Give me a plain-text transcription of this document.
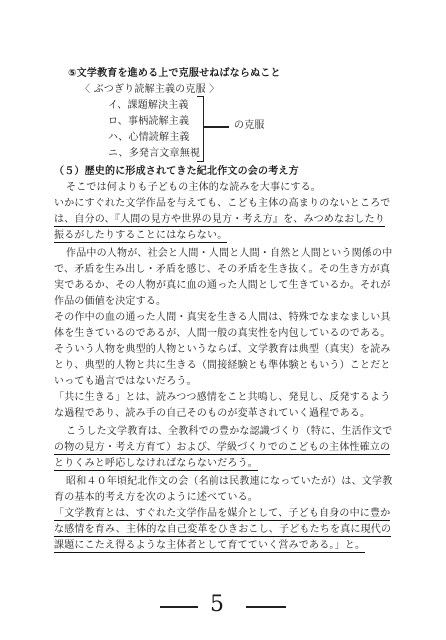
⑤文学教育を進める上で克服せねばならぬこと
〈 ぶつぎり読解主義の克服 〉
イ、課題解決主義
ロ、事柄読解主義
ハ、心情読解主義
ニ、多発言文章無視
の克服
（５）歴史的に形成されてきた紀北作文の会の考え方
そこでは何よりも子どもの主体的な読みを大事にする。
いかにすぐれた文学作品を与えても、こども主体の高まりのないところで
は、自分の、『人間の見方や世界の見方・考え方』を、みつめなおしたり
振るがしたりすることにはならない。
作品中の人物が、社会と人間・人間と人間・自然と人間という関係の中
で、矛盾を生み出し・矛盾を感じ、その矛盾を生き抜く。その生き方が真
実であるか、その人物が真に血の通った人間として生きているか。それが
作品の価値を決定する。
その作中の血の通った人間・真実を生きる人間は、特殊でなまなましい具
体を生きているのであるが、人間一般の真実性を内包しているのである。
そういう人物を典型的人物というならば、文学教育は典型（真実）を読み
とり、典型的人物と共に生きる（間接経験とも準体験ともいう）ことだと
いっても過言ではないだろう。
「共に生きる」とは、読みつつ感情をこと共鳴し、発見し、反発するよう
な過程であり、読み手の自己そのものが変革されていく過程である。
こうした文学教育は、全教科での豊かな認識づくり（特に、生活作文で
の物の見方・考え方育て）および、学級づくりでのこどもの主体性確立の
とりくみと呼応しなければならないだろう。
昭和４０年頃紀北作文の会（名前は民教連になっていたが）は、文学教
育の基本的考え方を次のように述べている。
「文学教育とは、すぐれた文学作品を媒介として、子ども自身の中に豊か
な感情を育み、主体的な自己変革をひきおこし、子どもたちを真に現代の
課題にこたえ得るような主体者として育てていく営みである。」と。
5
